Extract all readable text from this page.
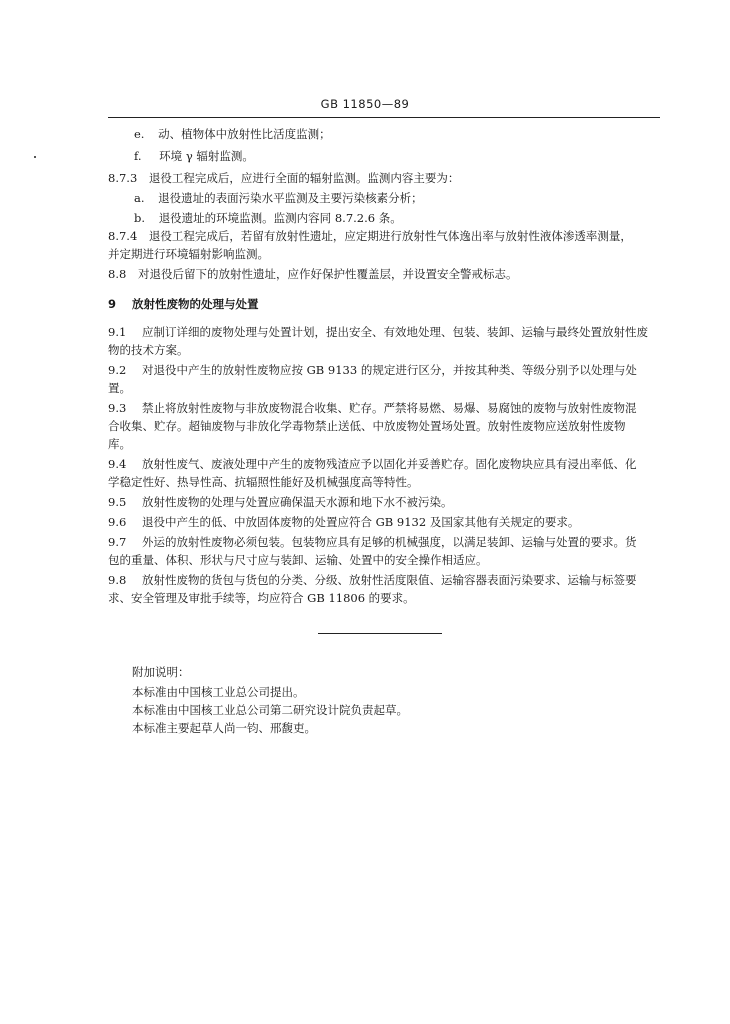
GB 11850—89
e. 动、植物体中放射性比活度监测；
f. 环境 γ 辐射监测。
8.7.3 退役工程完成后，应进行全面的辐射监测。监测内容主要为：
a. 退役遗址的表面污染水平监测及主要污染核素分析；
b. 退役遗址的环境监测。监测内容同 8.7.2.6 条。
8.7.4 退役工程完成后，若留有放射性遗址，应定期进行放射性气体逸出率与放射性液体渗透率测量，
并定期进行环境辐射影响监测。
8.8 对退役后留下的放射性遗址，应作好保护性覆盖层，并设置安全警戒标志。
9 放射性废物的处理与处置
9.1 应制订详细的废物处理与处置计划，提出安全、有效地处理、包装、装卸、运输与最终处置放射性废
物的技术方案。
9.2 对退役中产生的放射性废物应按 GB 9133 的规定进行区分，并按其种类、等级分别予以处理与处
置。
9.3 禁止将放射性废物与非放废物混合收集、贮存。严禁将易燃、易爆、易腐蚀的废物与放射性废物混
合收集、贮存。超铀废物与非放化学毒物禁止送低、中放废物处置场处置。放射性废物应送放射性废物
库。
9.4 放射性废气、废液处理中产生的废物残渣应予以固化并妥善贮存。固化废物块应具有浸出率低、化
学稳定性好、热导性高、抗辐照性能好及机械强度高等特性。
9.5 放射性废物的处理与处置应确保温天水源和地下水不被污染。
9.6 退役中产生的低、中放固体废物的处置应符合 GB 9132 及国家其他有关规定的要求。
9.7 外运的放射性废物必须包装。包装物应具有足够的机械强度，以满足装卸、运输与处置的要求。货
包的重量、体积、形状与尺寸应与装卸、运输、处置中的安全操作相适应。
9.8 放射性废物的货包与货包的分类、分级、放射性活度限值、运输容器表面污染要求、运输与标签要
求、安全管理及审批手续等，均应符合 GB 11806 的要求。
附加说明：
本标准由中国核工业总公司提出。
本标准由中国核工业总公司第二研究设计院负责起草。
本标准主要起草人尚一钧、邢馥吏。
